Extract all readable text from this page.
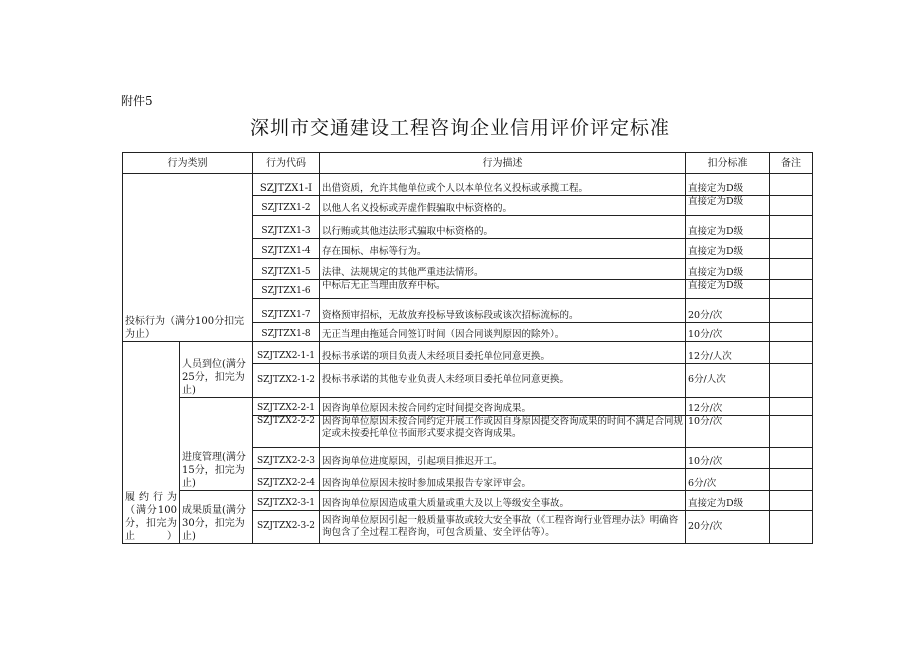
附件5
深圳市交通建设工程咨询企业信用评价评定标准
行为类别		行为代码	行为描述	扣分标准	备注
投标行为（满分100分扣完为止）		SZJTZX1-I	出借资质，允许其他单位或个人以本单位名义投标或承揽工程。	直接定为D级	
		SZJTZX1-2	以他人名义投标或弄虚作假骗取中标资格的。	直接定为D级	
		SZJTZX1-3	以行贿或其他违法形式骗取中标资格的。	直接定为D级	
		SZJTZX1-4	存在围标、串标等行为。	直接定为D级	
		SZJTZX1-5	法律、法规规定的其他严重违法情形。	直接定为D级	
		SZJTZX1-6	中标后无正当理由放弃中标。	直接定为D级	
		SZJTZX1-7	资格预审招标，无故放弃投标导致该标段或该次招标流标的。	20分/次	
		SZJTZX1-8	无正当理由拖延合同签订时间（因合同谈判原因的除外）。	10分/次	
履约行为（满分100分，扣完为止）	人员到位(满分25分，扣完为止)	SZJTZX2-1-1	投标书承诺的项目负责人未经项目委托单位同意更换。	12分/人次	
		SZJTZX2-1-2	投标书承诺的其他专业负责人未经项目委托单位同意更换。	6分/人次	
	进度管理(满分15分，扣完为止)	SZJTZX2-2-1	因咨询单位原因未按合同约定时间提交咨询成果。	12分/次	
		SZJTZX2-2-2	因咨询单位原因未按合同约定开展工作或因自身原因提交咨询成果的时间不满足合同规定或未按委托单位书面形式要求提交咨询成果。	10分/次	
		SZJTZX2-2-3	因咨询单位进度原因，引起项目推迟开工。	10分/次	
		SZJTZX2-2-4	因咨询单位原因未按时参加成果报告专家评审会。	6分/次	
	成果质量(满分30分，扣完为止)	SZJTZX2-3-1	因咨询单位原因造成重大质量或重大及以上等级安全事故。	直接定为D级	
		SZJTZX2-3-2	因咨询单位原因引起一般质量事故或较大安全事故（《工程咨询行业管理办法》明确咨询包含了全过程工程咨询，可包含质量、安全评估等）。	20分/次	
